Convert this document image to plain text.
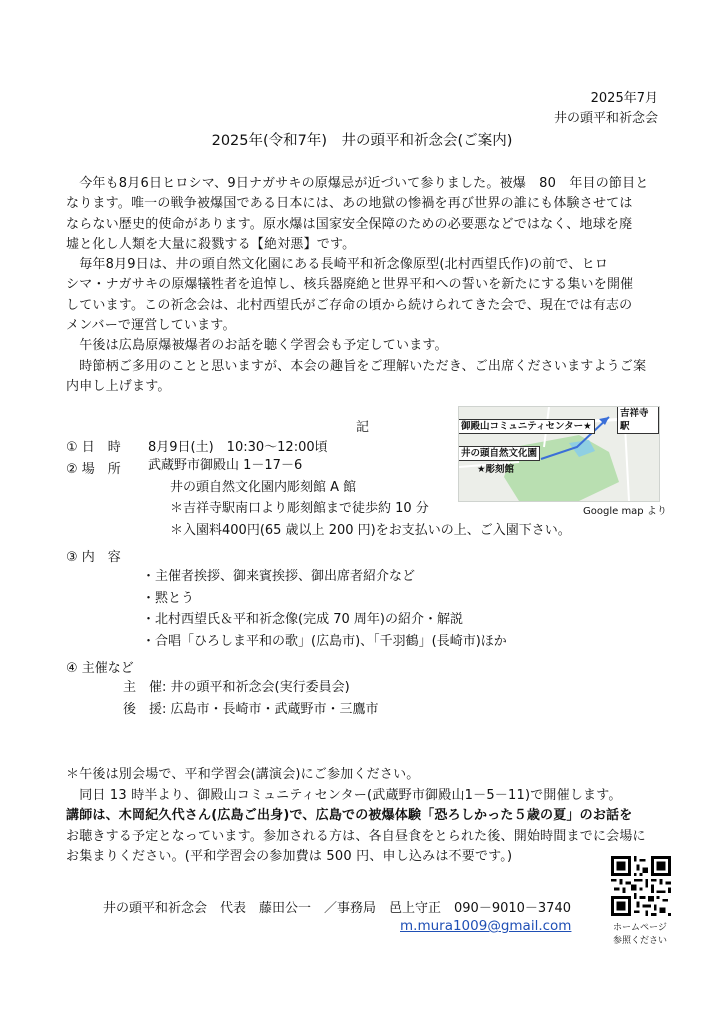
2025年7月
井の頭平和祈念会
2025年(令和7年)　井の頭平和祈念会(ご案内)
　今年も8月6日ヒロシマ、9日ナガサキの原爆忌が近づいて参りました。被爆　80　年目の節目と
なります。唯一の戦争被爆国である日本には、あの地獄の惨禍を再び世界の誰にも体験させては
ならない歴史的使命があります。原水爆は国家安全保障のための必要悪などではなく、地球を廃
墟と化し人類を大量に殺戮する【絶対悪】です。
　毎年8月9日は、井の頭自然文化園にある長崎平和祈念像原型(北村西望氏作)の前で、ヒロ
シマ・ナガサキの原爆犠牲者を追悼し、核兵器廃絶と世界平和への誓いを新たにする集いを開催
しています。この祈念会は、北村西望氏がご存命の頃から続けられてきた会で、現在では有志の
メンバーで運営しています。
　午後は広島原爆被爆者のお話を聴く学習会も予定しています。
　時節柄ご多用のことと思いますが、本会の趣旨をご理解いただき、ご出席くださいますようご案
内申し上げます。
記
① 日　時 8月9日(土)　10:30～12:00頃
② 場　所 武蔵野市御殿山 1－17－6
井の頭自然文化園内彫刻館 A 館
＊吉祥寺駅南口より彫刻館まで徒歩約 10 分
＊入園料400円(65 歳以上 200 円)をお支払いの上、ご入園下さい。
③ 内　容
・主催者挨拶、御来賓挨拶、御出席者紹介など
・黙とう
・北村西望氏＆平和祈念像(完成 70 周年)の紹介・解説
・合唱「ひろしま平和の歌」(広島市)、「千羽鶴」(長崎市)ほか
④ 主催など
主　催: 井の頭平和祈念会(実行委員会)
後　援: 広島市・長崎市・武蔵野市・三鷹市
吉祥寺駅
御殿山コミュニティセンター★
井の頭自然文化園
★彫刻館
Google map より
＊午後は別会場で、平和学習会(講演会)にご参加ください。
　同日 13 時半より、御殿山コミュニティセンター(武蔵野市御殿山1－5－11)で開催します。
講師は、木岡紀久代さん(広島ご出身)で、広島での被爆体験「恐ろしかった５歳の夏」のお話を
お聴きする予定となっています。参加される方は、各自昼食をとられた後、開始時間までに会場に
お集まりください。(平和学習会の参加費は 500 円、申し込みは不要です。)
ホームページ
参照ください
井の頭平和祈念会　代表　藤田公一　／事務局　邑上守正　090－9010－3740
m.mura1009@gmail.com
